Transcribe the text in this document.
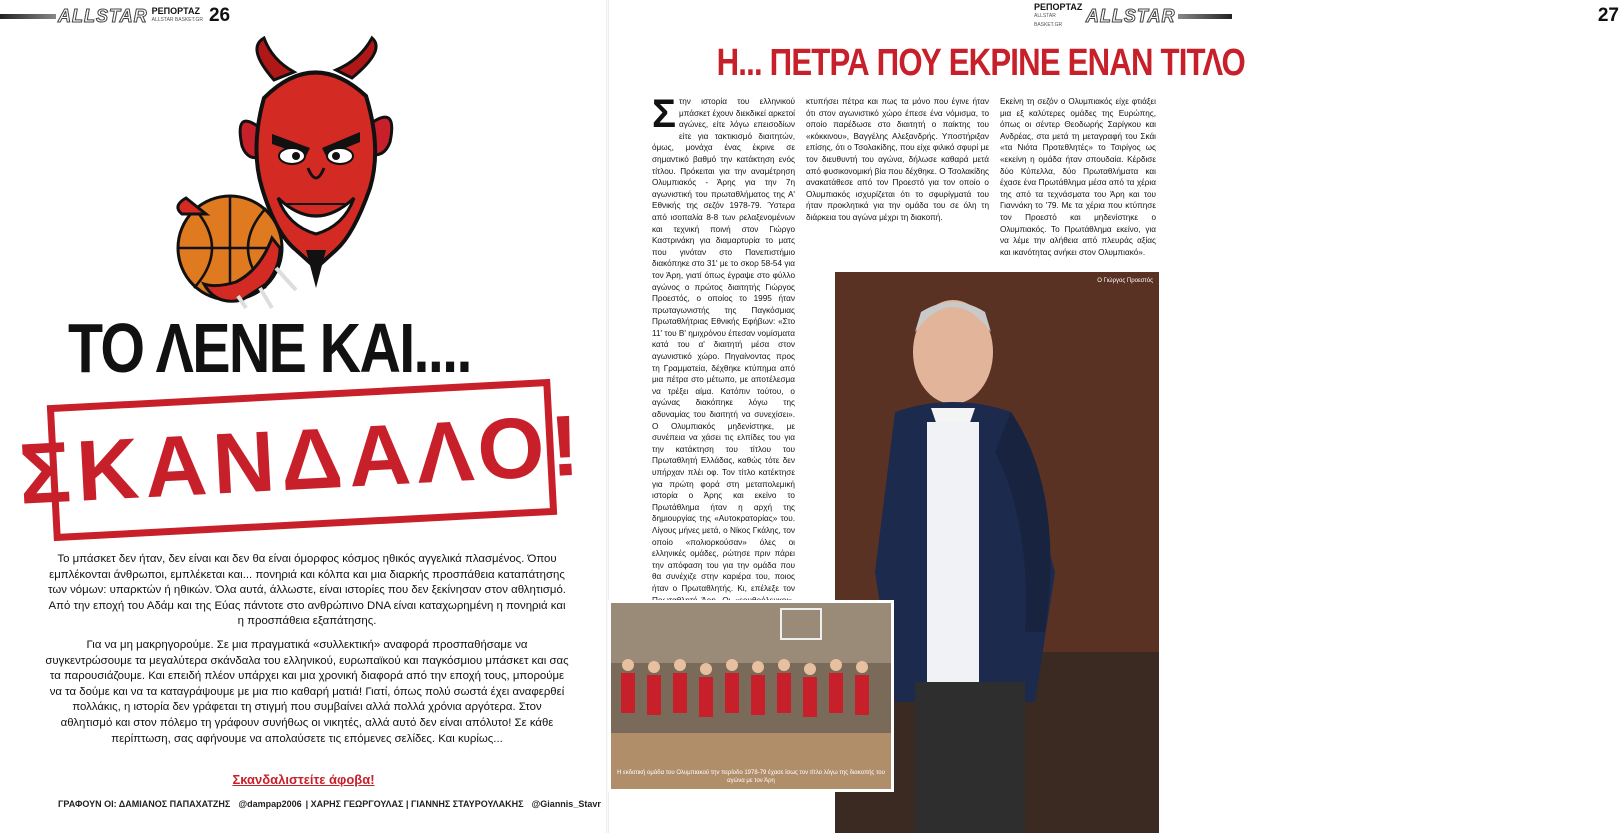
ALLSTAR ΡΕΠΟΡΤΑΖ
ALLSTAR BASKET.GR 26
ΤΟ ΛΕΝΕ ΚΑΙ....
ΣΚΑΝΔΑΛΟ!

Το μπάσκετ δεν ήταν, δεν είναι και δεν θα είναι όμορφος κόσμος ηθικός αγγελικά πλασμένος. Όπου εμπλέκονται άνθρωποι, εμπλέκεται και... πονηριά και κόλπα και μια διαρκής προσπάθεια καταπάτησης των νόμων: υπαρκτών ή ηθικών. Όλα αυτά, άλλωστε, είναι ιστορίες που δεν ξεκίνησαν στον αθλητισμό. Από την εποχή του Αδάμ και της Εύας πάντοτε στο ανθρώπινο DNA είναι καταχωρημένη η πονηριά και η προσπάθεια εξαπάτησης.

Για να μη μακρηγορούμε. Σε μια πραγματικά «συλλεκτική» αναφορά προσπαθήσαμε να συγκεντρώσουμε τα μεγαλύτερα σκάνδαλα του ελληνικού, ευρωπαϊκού και παγκόσμιου μπάσκετ και σας τα παρουσιάζουμε. Και επειδή πλέον υπάρχει και μια χρονική διαφορά από την εποχή τους, μπορούμε να τα δούμε και να τα καταγράψουμε με μια πιο καθαρή ματιά! Γιατί, όπως πολύ σωστά έχει αναφερθεί πολλάκις, η ιστορία δεν γράφεται τη στιγμή που συμβαίνει αλλά πολλά χρόνια αργότερα. Στον αθλητισμό και στον πόλεμο τη γράφουν συνήθως οι νικητές, αλλά αυτό δεν είναι απόλυτο! Σε κάθε περίπτωση, σας αφήνουμε να απολαύσετε τις επόμενες σελίδες. Και κυρίως...

Σκανδαλιστείτε άφοβα!
ΓΡΑΦΟΥΝ ΟΙ: ΔΑΜΙΑΝΟΣ ΠΑΠΑΧΑΤΖΗΣ @dampap2006 | ΧΑΡΗΣ ΓΕΩΡΓΟΥΛΑΣ | ΓΙΑΝΝΗΣ ΣΤΑΥΡΟΥΛΑΚΗΣ @Giannis_Stavr
27
ΡΕΠΟΡΤΑΖ
ALLSTAR BASKET.GR	ALLSTAR
Η... ΠΕΤΡΑ ΠΟΥ ΕΚΡΙΝΕ ΕΝΑΝ ΤΙΤΛΟ
Σ την ιστορία του ελληνικού μπάσκετ έχουν διεκδικεί αρκετοί αγώνες, είτε λόγω επεισοδίων είτε για τακτικισμό διαιτητών, όμως, μονάχα ένας έκρινε σε σημαντικό βαθμό την κατάκτηση ενός τίτλου. Πρόκειται για την αναμέτρηση Ολυμπιακός - Άρης για την 7η αγωνιστική του πρωταθλήματος της Α' Εθνικής της σεζόν 1978-79. Ύστερα από ισοπαλία 8-8 των ρελαξενομένων και τεχνική ποινή στον Γιώργο Καστρινάκη για διαμαρτυρία το ματς που γινόταν στο Πανεπιστήμιο διακόπηκε στο 31' με το σκορ 58-54 για τον Άρη, γιατί όπως έγραψε στο φύλλο αγώνος ο πρώτος διαιτητής Γιώργος Προεστός, ο οποίος το 1995 ήταν πρωταγωνιστής της Παγκόσμιας Πρωταθλήτριας Εθνικής Εφήβων: «Στο 11' του Β' ημιχρόνου έπεσαν νομίσματα κατά του α' διαιτητή μέσα στον αγωνιστικό χώρο. Πηγαίνοντας προς τη Γραμματεία, δέχθηκε κτύπημα από μια πέτρα στο μέτωπο, με αποτέλεσμα να τρέξει αίμα. Κατόπιν τούτου, ο αγώνας διακόπηκε λόγω της αδυναμίας του διαιτητή να συνεχίσει». Ο Ολυμπιακός μηδενίστηκε, με συνέπεια να χάσει τις ελπίδες του για την κατάκτηση του τίτλου του Πρωταθλητή Ελλάδας, καθώς τότε δεν υπήρχαν πλέι οφ. Τον τίτλο κατέκτησε για πρώτη φορά στη μεταπολεμική ιστορία ο Άρης και εκείνο το Πρωτάθλημα ήταν η αρχή της δημιουργίας της «Αυτοκρατορίας» του. Λίγους μήνες μετά, ο Νίκος Γκάλης, τον οποίο «πολιορκούσαν» όλες οι ελληνικές ομάδες, ρώτησε πριν πάρει την απόφαση του για την ομάδα που θα συνέχιζε στην καριέρα του, ποιος ήταν ο Πρωταθλητής. Κι, επέλεξε τον
κτυπήσει πέτρα και πως τα μόνο που έγινε ήταν ότι στον αγωνιστικό χώρο έπεσε ένα νόμισμα, το οποίο παρέδωσε στο διαιτητή ο παίκτης του «κόκκινου», Βαγγέλης Αλεξανδρής. Υποστήριξαν επίσης, ότι ο Τσολακίδης, που είχε φιλικό σφυρί με τον διευθυντή του αγώνα, δήλωσε καθαρά μετά από φυσικονομική βία που δέχθηκε. Ο Τσολακίδης ανακατάθεσε από τον Προεστό για τον οποίο ο Ολυμπιακός ισχυρίζεται ότι το σφυρίγματά του ήταν προκλητικά για την ομάδα του σε όλη τη διάρκεια του αγώνα μέχρι τη διακοπή.
Εκείνη τη σεζόν ο Ολυμπιακός είχε φτιάξει μια εξ καλύτερες ομάδες της Ευρώπης, όπως οι σέντερ Θεοδωρής Σαρίγκου και Ανδρέας, στα μετά τη μεταγραφή του Σκάι «τα Νιότα Προτεθλητές» το Τσιρίγος ως «εκείνη η ομάδα ήταν σπουδαία. Κέρδισε δύο Κύπελλα, δύο Πρωταθλήματα και έχασε ένα Πρωτάθλημα μέσα από τα χέρια της από τα τεχνάσματα του Άρη και του Γιαννάκη το '79. Με τα χέρια που κτύπησε τον Προεστό και μηδενίστηκε ο Ολυμπιακός. Το Πρωτάθλημα εκείνο, για να λέμε την αλήθεια από πλευράς αξίας και ικανότητας ανήκει στον Ολυμπιακό».
Ο Γιώργος Προεστός
Η εκδοτική ομάδα του Ολυμπιακού την περίοδο 1978-79 έχασε ίσως τον τίτλο λόγω της διακοπής του αγώνα με τον Άρη
